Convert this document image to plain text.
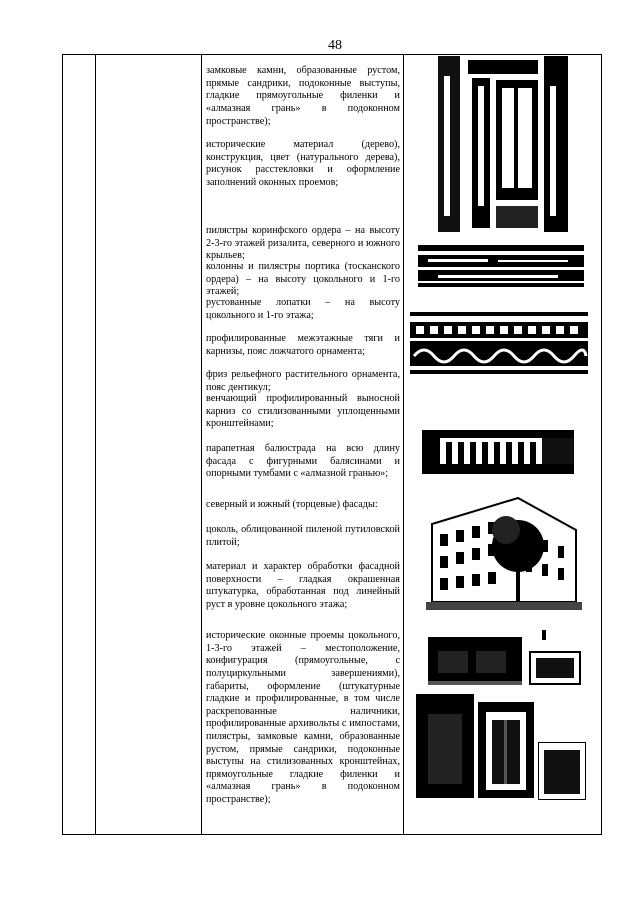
48

замковые камни, образованные рустом, прямые сандрики, подоконные выступы, гладкие прямоугольные филенки и «алмазная грань» в подоконном пространстве);

исторические материал (дерево), конструкция, цвет (натурального дерева), рисунок расстекловки и оформление заполнений оконных проемов;

пилястры коринфского ордера – на высоту 2-3-го этажей ризалита, северного и южного крыльев;

колонны и пилястры портика (тосканского ордера) – на высоту цокольного и 1-го этажей;

рустованные лопатки – на высоту цокольного и 1-го этажа;

профилированные межэтажные тяги и карнизы, пояс ложчатого орнамента;

фриз рельефного растительного орнамента, пояс дентикул;

венчающий профилированный выносной карниз со стилизованными уплощенными кронштейнами;

парапетная балюстрада на всю длину фасада с фигурными балясинами и опорными тумбами с «алмазной гранью»;

северный и южный (торцевые) фасады:

цоколь, облицованной пиленой путиловской плитой;

материал и характер обработки фасадной поверхности – гладкая окрашенная штукатурка, обработанная под линейный руст в уровне цокольного этажа;

исторические оконные проемы цокольного, 1-3-го этажей – местоположение, конфигурация (прямоугольные, с полуциркульными завершениями), габариты, оформление (штукатурные гладкие и профилированные, в том числе раскрепованные наличники, профилированные архивольты с импостами, пилястры, замковые камни, образованные рустом, прямые сандрики, подоконные выступы на стилизованных кронштейнах, прямоугольные гладкие филенки и «алмазная грань» в подоконном пространстве);
